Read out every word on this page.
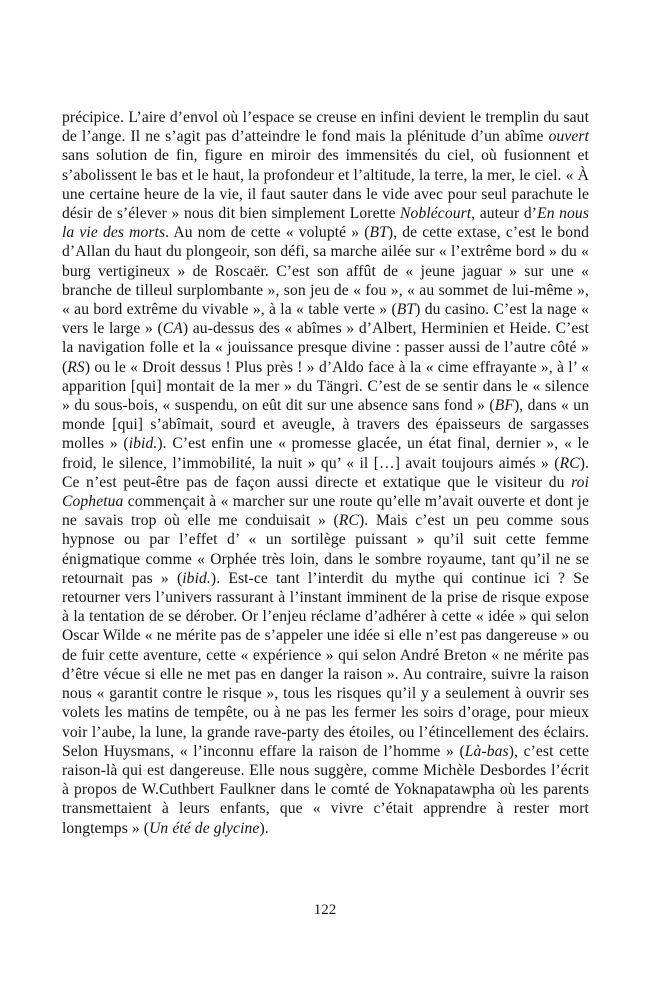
précipice. L’aire d’envol où l’espace se creuse en infini devient le tremplin du saut de l’ange. Il ne s’agit pas d’atteindre le fond mais la plénitude d’un abîme ouvert sans solution de fin, figure en miroir des immensités du ciel, où fusionnent et s’abolissent le bas et le haut, la profondeur et l’altitude, la terre, la mer, le ciel. « À une certaine heure de la vie, il faut sauter dans le vide avec pour seul parachute le désir de s’élever » nous dit bien simplement Lorette Noblécourt, auteur d’En nous la vie des morts. Au nom de cette « volupté » (BT), de cette extase, c’est le bond d’Allan du haut du plongeoir, son défi, sa marche ailée sur « l’extrême bord » du « burg vertigineux » de Roscaër. C’est son affût de « jeune jaguar » sur une « branche de tilleul surplombante », son jeu de « fou », « au sommet de lui-même », « au bord extrême du vivable », à la « table verte » (BT) du casino. C’est la nage « vers le large » (CA) au-dessus des « abîmes » d’Albert, Herminien et Heide. C’est la navigation folle et la « jouissance presque divine : passer aussi de l’autre côté » (RS) ou le « Droit dessus ! Plus près ! » d’Aldo face à la « cime effrayante », à l’ « apparition [qui] montait de la mer » du Tängri. C’est de se sentir dans le « silence » du sous-bois, « suspendu, on eût dit sur une absence sans fond » (BF), dans « un monde [qui] s’abîmait, sourd et aveugle, à travers des épaisseurs de sargasses molles » (ibid.). C’est enfin une « promesse glacée, un état final, dernier », « le froid, le silence, l’immobilité, la nuit » qu’ « il […] avait toujours aimés » (RC). Ce n’est peut-être pas de façon aussi directe et extatique que le visiteur du roi Cophetua commençait à « marcher sur une route qu’elle m’avait ouverte et dont je ne savais trop où elle me conduisait » (RC). Mais c’est un peu comme sous hypnose ou par l’effet d’ « un sortilège puissant » qu’il suit cette femme énigmatique comme « Orphée très loin, dans le sombre royaume, tant qu’il ne se retournait pas » (ibid.). Est-ce tant l’interdit du mythe qui continue ici ? Se retourner vers l’univers rassurant à l’instant imminent de la prise de risque expose à la tentation de se dérober. Or l’enjeu réclame d’adhérer à cette « idée » qui selon Oscar Wilde « ne mérite pas de s’appeler une idée si elle n’est pas dangereuse » ou de fuir cette aventure, cette « expérience » qui selon André Breton « ne mérite pas d’être vécue si elle ne met pas en danger la raison ». Au contraire, suivre la raison nous « garantit contre le risque », tous les risques qu’il y a seulement à ouvrir ses volets les matins de tempête, ou à ne pas les fermer les soirs d’orage, pour mieux voir l’aube, la lune, la grande rave-party des étoiles, ou l’étincellement des éclairs. Selon Huysmans, « l’inconnu effare la raison de l’homme » (Là-bas), c’est cette raison-là qui est dangereuse. Elle nous suggère, comme Michèle Desbordes l’écrit à propos de W.Cuthbert Faulkner dans le comté de Yoknapatawpha où les parents transmettaient à leurs enfants, que « vivre c’était apprendre à rester mort longtemps » (Un été de glycine).
122
